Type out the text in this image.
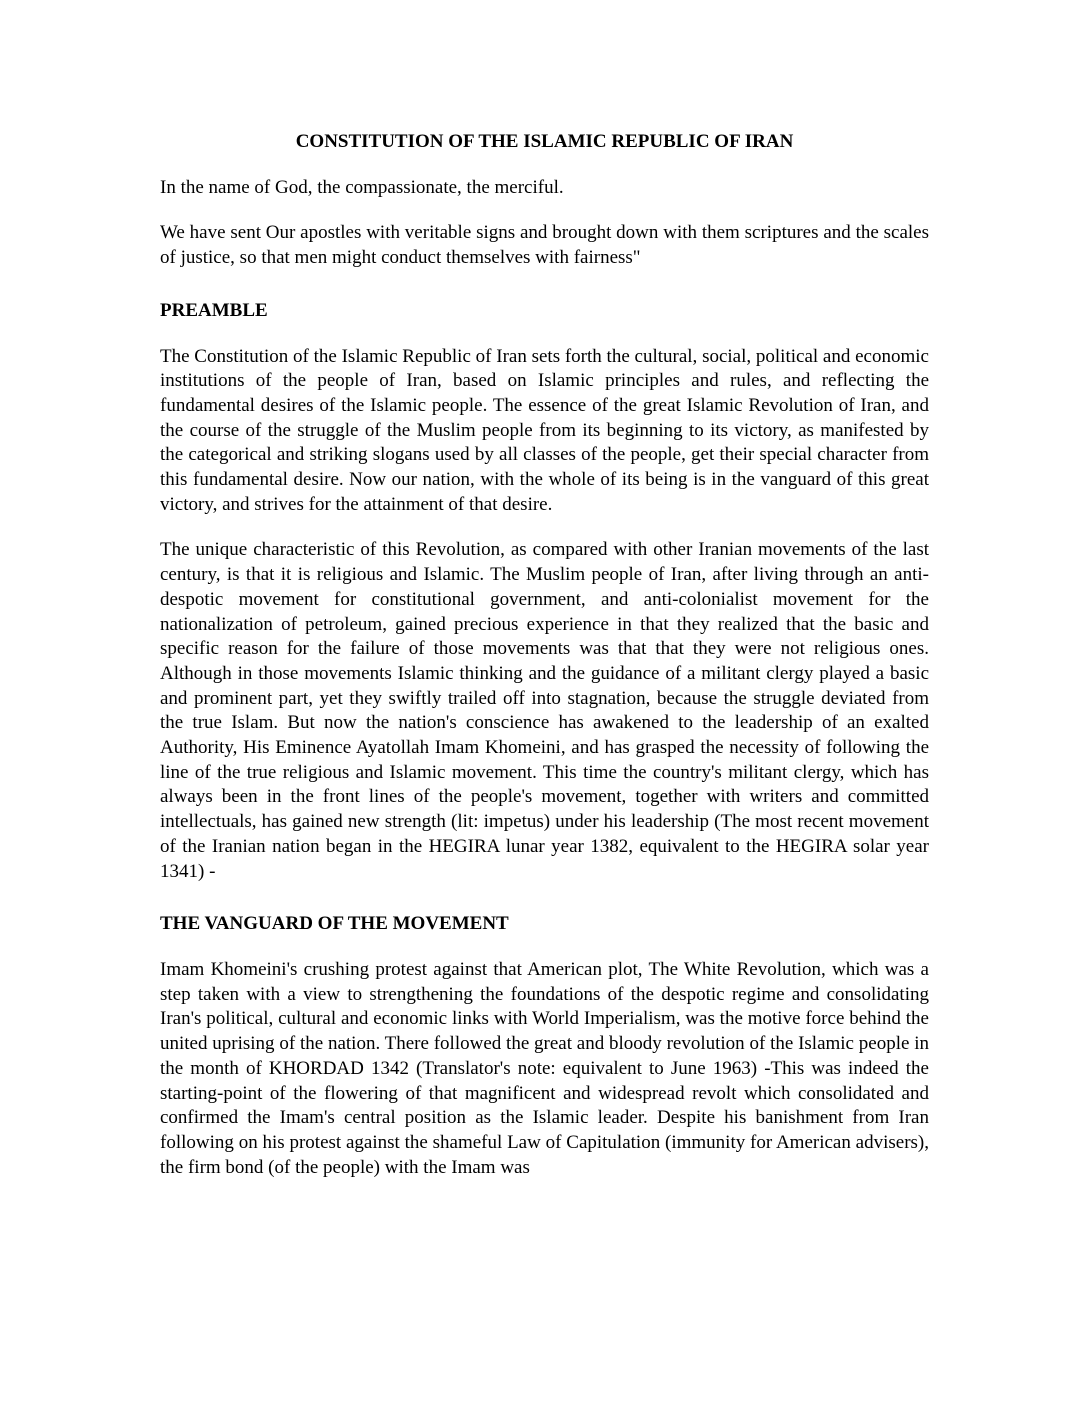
CONSTITUTION OF THE ISLAMIC REPUBLIC OF IRAN

In the name of God, the compassionate, the merciful.

We have sent Our apostles with veritable signs and brought down with them scriptures and the scales of justice, so that men might conduct themselves with fairness"

PREAMBLE

The Constitution of the Islamic Republic of Iran sets forth the cultural, social, political and economic institutions of the people of Iran, based on Islamic principles and rules, and reflecting the fundamental desires of the Islamic people. The essence of the great Islamic Revolution of Iran, and the course of the struggle of the Muslim people from its beginning to its victory, as manifested by the categorical and striking slogans used by all classes of the people, get their special character from this fundamental desire. Now our nation, with the whole of its being is in the vanguard of this great victory, and strives for the attainment of that desire.

The unique characteristic of this Revolution, as compared with other Iranian movements of the last century, is that it is religious and Islamic. The Muslim people of Iran, after living through an anti-despotic movement for constitutional government, and anti-colonialist movement for the nationalization of petroleum, gained precious experience in that they realized that the basic and specific reason for the failure of those movements was that that they were not religious ones. Although in those movements Islamic thinking and the guidance of a militant clergy played a basic and prominent part, yet they swiftly trailed off into stagnation, because the struggle deviated from the true Islam. But now the nation's conscience has awakened to the leadership of an exalted Authority, His Eminence Ayatollah Imam Khomeini, and has grasped the necessity of following the line of the true religious and Islamic movement. This time the country's militant clergy, which has always been in the front lines of the people's movement, together with writers and committed intellectuals, has gained new strength (lit: impetus) under his leadership (The most recent movement of the Iranian nation began in the HEGIRA lunar year 1382, equivalent to the HEGIRA solar year 1341) -

THE VANGUARD OF THE MOVEMENT

Imam Khomeini's crushing protest against that American plot, The White Revolution, which was a step taken with a view to strengthening the foundations of the despotic regime and consolidating Iran's political, cultural and economic links with World Imperialism, was the motive force behind the united uprising of the nation. There followed the great and bloody revolution of the Islamic people in the month of KHORDAD 1342 (Translator's note: equivalent to June 1963) -This was indeed the starting-point of the flowering of that magnificent and widespread revolt which consolidated and confirmed the Imam's central position as the Islamic leader. Despite his banishment from Iran following on his protest against the shameful Law of Capitulation (immunity for American advisers), the firm bond (of the people) with the Imam was
